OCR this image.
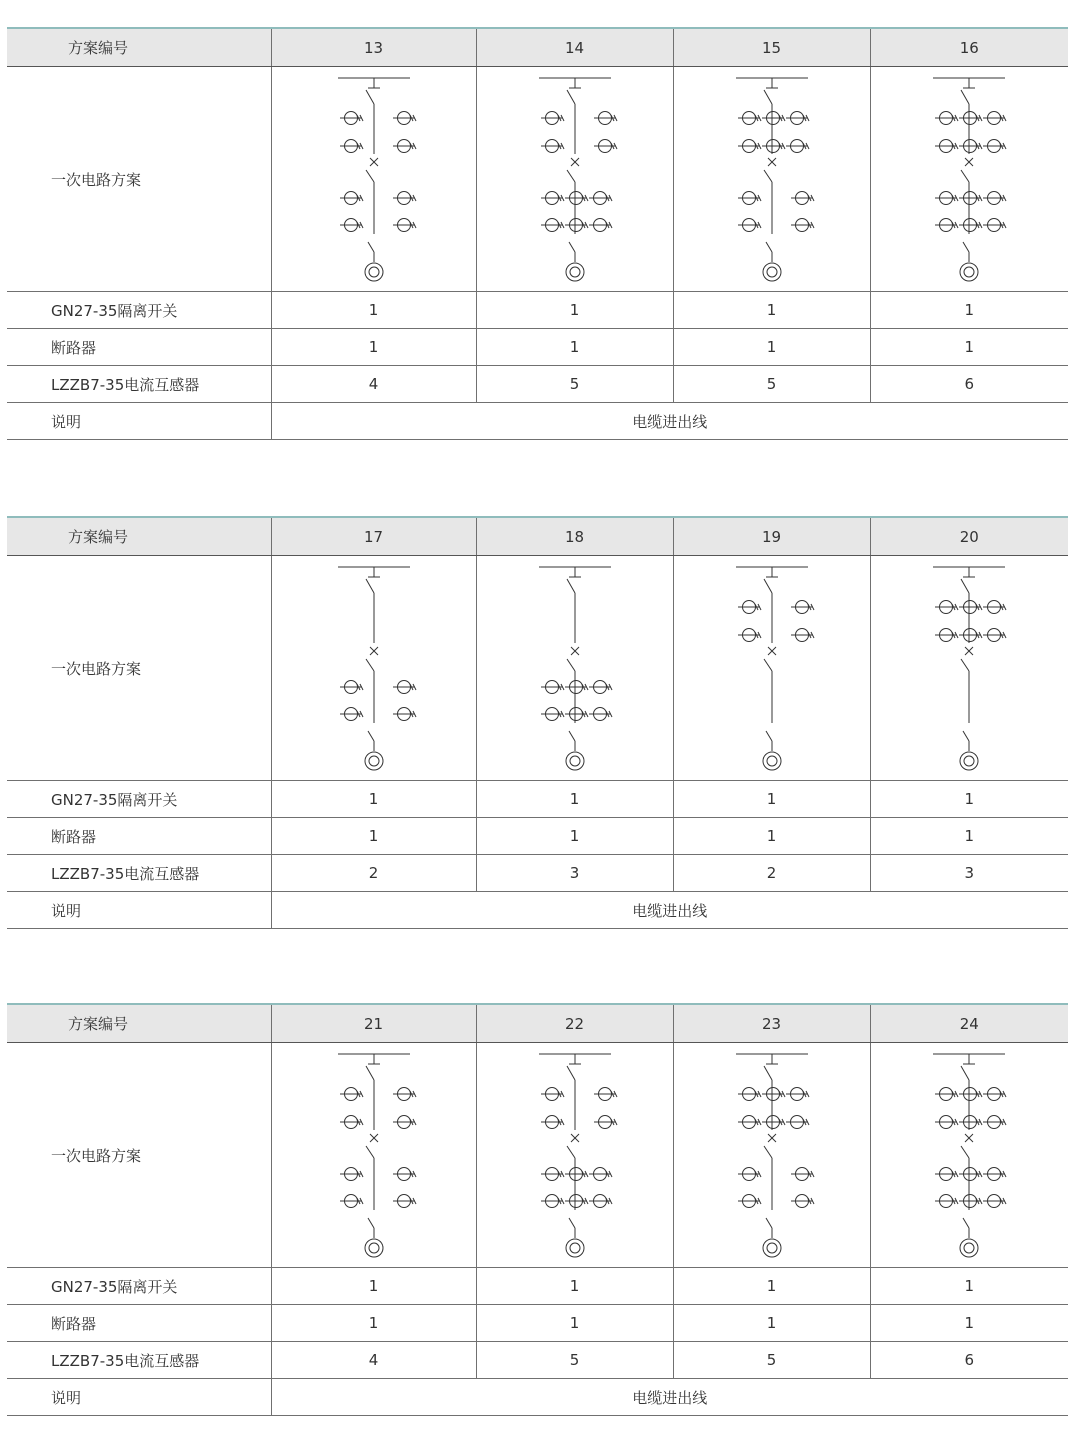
方案编号	13	14	15	16
一次电路方案	

GN27-35隔离开关	1	1	1	1
断路器	1	1	1	1
LZZB7-35电流互感器	4	5	5	6
说明	电缆进出线			
方案编号	17	18	19	20
一次电路方案	

GN27-35隔离开关	1	1	1	1
断路器	1	1	1	1
LZZB7-35电流互感器	2	3	2	3
说明	电缆进出线			
方案编号	21	22	23	24
一次电路方案	

GN27-35隔离开关	1	1	1	1
断路器	1	1	1	1
LZZB7-35电流互感器	4	5	5	6
说明	电缆进出线			
